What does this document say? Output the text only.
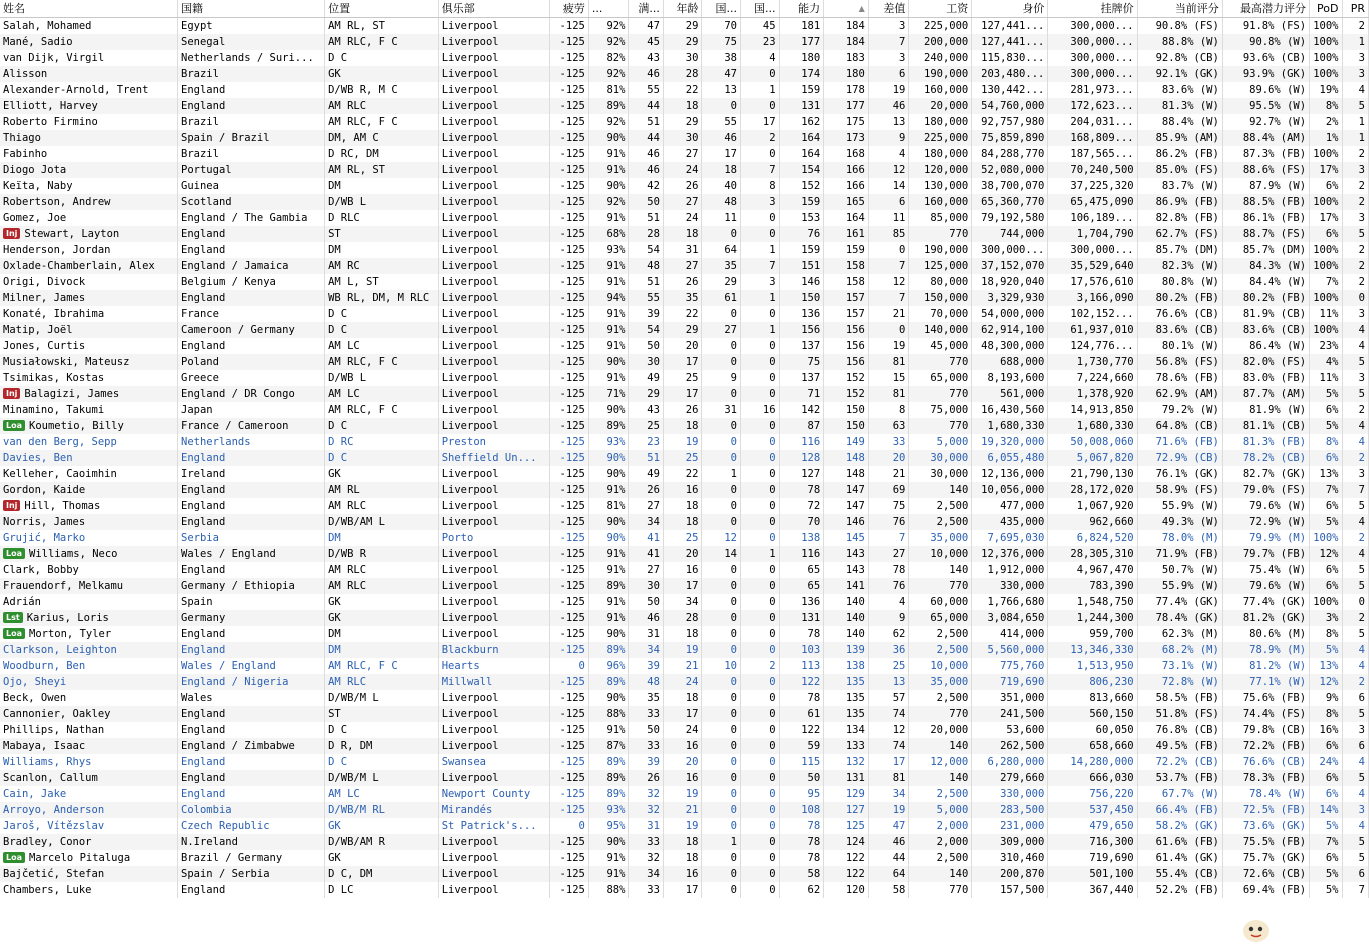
姓名	国籍	位置	俱乐部	疲劳	...	满...	年龄	国...	国...	能力	▲	差值	工资	身价	挂牌价	当前评分	最高潜力评分	PoD	PR
Salah, Mohamed	Egypt	AM RL, ST	Liverpool	-125	92%	47	29	70	45	181	184	3	225,000	127,441...	300,000...	90.8% (FS)	91.8% (FS)	100%	2
Mané, Sadio	Senegal	AM RLC, F C	Liverpool	-125	92%	45	29	75	23	177	184	7	200,000	127,441...	300,000...	88.8% (W)	90.8% (W)	100%	1
van Dijk, Virgil	Netherlands / Suri...	D C	Liverpool	-125	82%	43	30	38	4	180	183	3	240,000	115,830...	300,000...	92.8% (CB)	93.6% (CB)	100%	3
Alisson	Brazil	GK	Liverpool	-125	92%	46	28	47	0	174	180	6	190,000	203,480...	300,000...	92.1% (GK)	93.9% (GK)	100%	3
Alexander-Arnold, Trent	England	D/WB R, M C	Liverpool	-125	81%	55	22	13	1	159	178	19	160,000	130,442...	281,973...	83.6% (W)	89.6% (W)	19%	4
Elliott, Harvey	England	AM RLC	Liverpool	-125	89%	44	18	0	0	131	177	46	20,000	54,760,000	172,623...	81.3% (W)	95.5% (W)	8%	5
Roberto Firmino	Brazil	AM RLC, F C	Liverpool	-125	92%	51	29	55	17	162	175	13	180,000	92,757,980	204,031...	88.4% (W)	92.7% (W)	2%	1
Thiago	Spain / Brazil	DM, AM C	Liverpool	-125	90%	44	30	46	2	164	173	9	225,000	75,859,890	168,809...	85.9% (AM)	88.4% (AM)	1%	1
Fabinho	Brazil	D RC, DM	Liverpool	-125	91%	46	27	17	0	164	168	4	180,000	84,288,770	187,565...	86.2% (FB)	87.3% (FB)	100%	2
Diogo Jota	Portugal	AM RL, ST	Liverpool	-125	91%	46	24	18	7	154	166	12	120,000	52,080,000	70,240,500	85.0% (FS)	88.6% (FS)	17%	3
Keïta, Naby	Guinea	DM	Liverpool	-125	90%	42	26	40	8	152	166	14	130,000	38,700,070	37,225,320	83.7% (W)	87.9% (W)	6%	2
Robertson, Andrew	Scotland	D/WB L	Liverpool	-125	92%	50	27	48	3	159	165	6	160,000	65,360,770	65,475,090	86.9% (FB)	88.5% (FB)	100%	2
Gomez, Joe	England / The Gambia	D RLC	Liverpool	-125	91%	51	24	11	0	153	164	11	85,000	79,192,580	106,189...	82.8% (FB)	86.1% (FB)	17%	3
Inj Stewart, Layton	England	ST	Liverpool	-125	68%	28	18	0	0	76	161	85	770	744,000	1,704,790	62.7% (FS)	88.7% (FS)	6%	5
Henderson, Jordan	England	DM	Liverpool	-125	93%	54	31	64	1	159	159	0	190,000	300,000...	300,000...	85.7% (DM)	85.7% (DM)	100%	2
Oxlade-Chamberlain, Alex	England / Jamaica	AM RC	Liverpool	-125	91%	48	27	35	7	151	158	7	125,000	37,152,070	35,529,640	82.3% (W)	84.3% (W)	100%	2
Origi, Divock	Belgium / Kenya	AM L, ST	Liverpool	-125	91%	51	26	29	3	146	158	12	80,000	18,920,040	17,576,610	80.8% (W)	84.4% (W)	7%	2
Milner, James	England	WB RL, DM, M RLC	Liverpool	-125	94%	55	35	61	1	150	157	7	150,000	3,329,930	3,166,090	80.2% (FB)	80.2% (FB)	100%	0
Konaté, Ibrahima	France	D C	Liverpool	-125	91%	39	22	0	0	136	157	21	70,000	54,000,000	102,152...	76.6% (CB)	81.9% (CB)	11%	3
Matip, Joël	Cameroon / Germany	D C	Liverpool	-125	91%	54	29	27	1	156	156	0	140,000	62,914,100	61,937,010	83.6% (CB)	83.6% (CB)	100%	4
Jones, Curtis	England	AM LC	Liverpool	-125	91%	50	20	0	0	137	156	19	45,000	48,300,000	124,776...	80.1% (W)	86.4% (W)	23%	4
Musiałowski, Mateusz	Poland	AM RLC, F C	Liverpool	-125	90%	30	17	0	0	75	156	81	770	688,000	1,730,770	56.8% (FS)	82.0% (FS)	4%	5
Tsimikas, Kostas	Greece	D/WB L	Liverpool	-125	91%	49	25	9	0	137	152	15	65,000	8,193,600	7,224,660	78.6% (FB)	83.0% (FB)	11%	3
Inj Balagizi, James	England / DR Congo	AM LC	Liverpool	-125	71%	29	17	0	0	71	152	81	770	561,000	1,378,920	62.9% (AM)	87.7% (AM)	5%	5
Minamino, Takumi	Japan	AM RLC, F C	Liverpool	-125	90%	43	26	31	16	142	150	8	75,000	16,430,560	14,913,850	79.2% (W)	81.9% (W)	6%	2
Loa Koumetio, Billy	France / Cameroon	D C	Liverpool	-125	89%	25	18	0	0	87	150	63	770	1,680,330	1,680,330	64.8% (CB)	81.1% (CB)	5%	4
van den Berg, Sepp	Netherlands	D RC	Preston	-125	93%	23	19	0	0	116	149	33	5,000	19,320,000	50,008,060	71.6% (FB)	81.3% (FB)	8%	4
Davies, Ben	England	D C	Sheffield Un...	-125	90%	51	25	0	0	128	148	20	30,000	6,055,480	5,067,820	72.9% (CB)	78.2% (CB)	6%	2
Kelleher, Caoimhin	Ireland	GK	Liverpool	-125	90%	49	22	1	0	127	148	21	30,000	12,136,000	21,790,130	76.1% (GK)	82.7% (GK)	13%	3
Gordon, Kaide	England	AM RL	Liverpool	-125	91%	26	16	0	0	78	147	69	140	10,056,000	28,172,020	58.9% (FS)	79.0% (FS)	7%	7
Inj Hill, Thomas	England	AM RLC	Liverpool	-125	81%	27	18	0	0	72	147	75	2,500	477,000	1,067,920	55.9% (W)	79.6% (W)	6%	5
Norris, James	England	D/WB/AM L	Liverpool	-125	90%	34	18	0	0	70	146	76	2,500	435,000	962,660	49.3% (W)	72.9% (W)	5%	4
Grujić, Marko	Serbia	DM	Porto	-125	90%	41	25	12	0	138	145	7	35,000	7,695,030	6,824,520	78.0% (M)	79.9% (M)	100%	2
Loa Williams, Neco	Wales / England	D/WB R	Liverpool	-125	91%	41	20	14	1	116	143	27	10,000	12,376,000	28,305,310	71.9% (FB)	79.7% (FB)	12%	4
Clark, Bobby	England	AM RLC	Liverpool	-125	91%	27	16	0	0	65	143	78	140	1,912,000	4,967,470	50.7% (W)	75.4% (W)	6%	5
Frauendorf, Melkamu	Germany / Ethiopia	AM RLC	Liverpool	-125	89%	30	17	0	0	65	141	76	770	330,000	783,390	55.9% (W)	79.6% (W)	6%	5
Adrián	Spain	GK	Liverpool	-125	91%	50	34	0	0	136	140	4	60,000	1,766,680	1,548,750	77.4% (GK)	77.4% (GK)	100%	0
Lst Karius, Loris	Germany	GK	Liverpool	-125	91%	46	28	0	0	131	140	9	65,000	3,084,650	1,244,300	78.4% (GK)	81.2% (GK)	3%	2
Loa Morton, Tyler	England	DM	Liverpool	-125	90%	31	18	0	0	78	140	62	2,500	414,000	959,700	62.3% (M)	80.6% (M)	8%	5
Clarkson, Leighton	England	DM	Blackburn	-125	89%	34	19	0	0	103	139	36	2,500	5,560,000	13,346,330	68.2% (M)	78.9% (M)	5%	4
Woodburn, Ben	Wales / England	AM RLC, F C	Hearts	0	96%	39	21	10	2	113	138	25	10,000	775,760	1,513,950	73.1% (W)	81.2% (W)	13%	4
Ojo, Sheyi	England / Nigeria	AM RLC	Millwall	-125	89%	48	24	0	0	122	135	13	35,000	719,690	806,230	72.8% (W)	77.1% (W)	12%	2
Beck, Owen	Wales	D/WB/M L	Liverpool	-125	90%	35	18	0	0	78	135	57	2,500	351,000	813,660	58.5% (FB)	75.6% (FB)	9%	6
Cannonier, Oakley	England	ST	Liverpool	-125	88%	33	17	0	0	61	135	74	770	241,500	560,150	51.8% (FS)	74.4% (FS)	8%	5
Phillips, Nathan	England	D C	Liverpool	-125	91%	50	24	0	0	122	134	12	20,000	53,600	60,050	76.8% (CB)	79.8% (CB)	16%	3
Mabaya, Isaac	England / Zimbabwe	D R, DM	Liverpool	-125	87%	33	16	0	0	59	133	74	140	262,500	658,660	49.5% (FB)	72.2% (FB)	6%	6
Williams, Rhys	England	D C	Swansea	-125	89%	39	20	0	0	115	132	17	12,000	6,280,000	14,280,000	72.2% (CB)	76.6% (CB)	24%	4
Scanlon, Callum	England	D/WB/M L	Liverpool	-125	89%	26	16	0	0	50	131	81	140	279,660	666,030	53.7% (FB)	78.3% (FB)	6%	5
Cain, Jake	England	AM LC	Newport County	-125	89%	32	19	0	0	95	129	34	2,500	330,000	756,220	67.7% (W)	78.4% (W)	6%	4
Arroyo, Anderson	Colombia	D/WB/M RL	Mirandés	-125	93%	32	21	0	0	108	127	19	5,000	283,500	537,450	66.4% (FB)	72.5% (FB)	14%	3
Jaroš, Vítězslav	Czech Republic	GK	St Patrick's...	0	95%	31	19	0	0	78	125	47	2,000	231,000	479,650	58.2% (GK)	73.6% (GK)	5%	4
Bradley, Conor	N.Ireland	D/WB/AM R	Liverpool	-125	90%	33	18	1	0	78	124	46	2,000	309,000	716,300	61.6% (FB)	75.5% (FB)	7%	5
Loa Marcelo Pitaluga	Brazil / Germany	GK	Liverpool	-125	91%	32	18	0	0	78	122	44	2,500	310,460	719,690	61.4% (GK)	75.7% (GK)	6%	5
Bajčetić, Stefan	Spain / Serbia	D C, DM	Liverpool	-125	91%	34	16	0	0	58	122	64	140	200,870	501,100	55.4% (CB)	72.6% (CB)	5%	6
Chambers, Luke	England	D LC	Liverpool	-125	88%	33	17	0	0	62	120	58	770	157,500	367,440	52.2% (FB)	69.4% (FB)	5%	7
